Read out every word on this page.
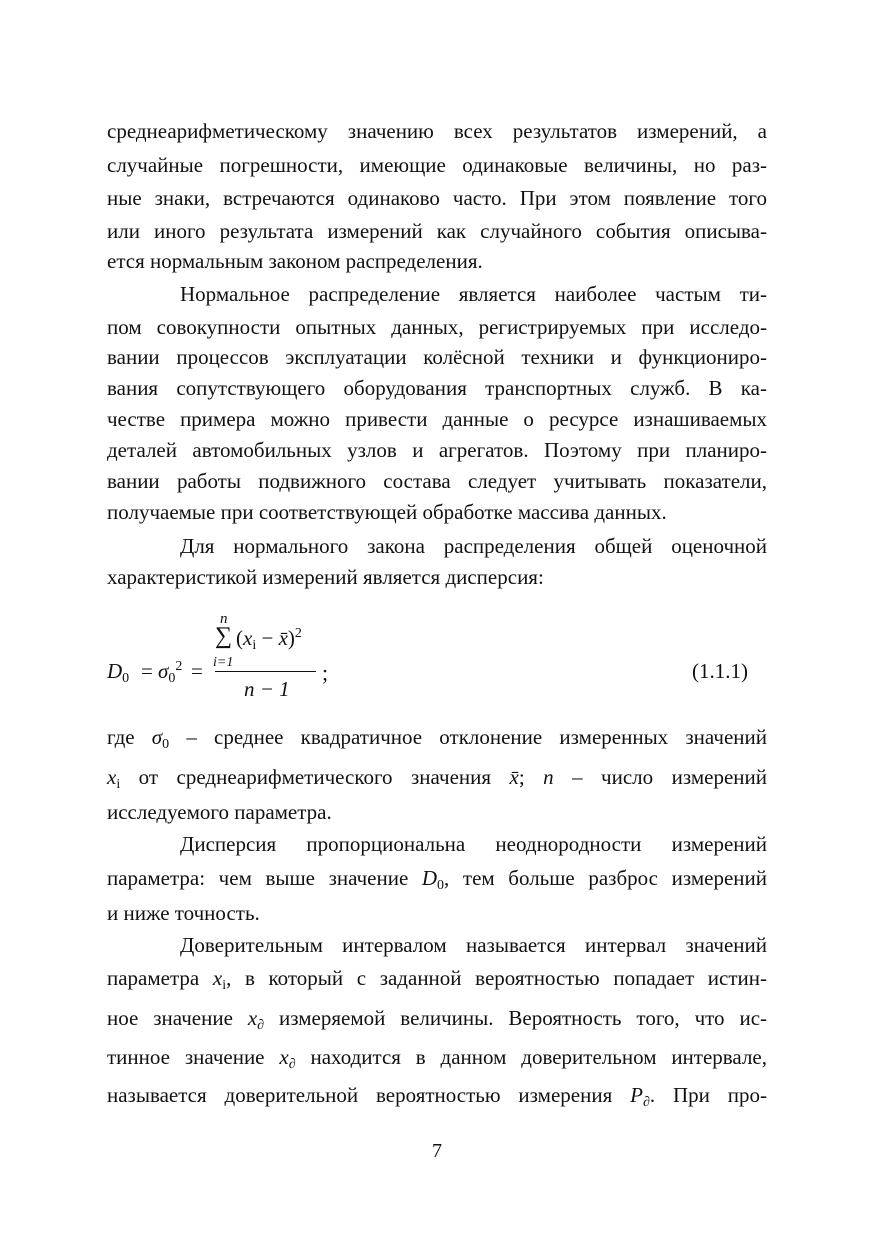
среднеарифметическому значению всех результатов измерений, а
случайные погрешности, имеющие одинаковые величины, но раз-
ные знаки, встречаются одинаково часто. При этом появление того
или иного результата измерений как случайного события описыва-
ется нормальным законом распределения.
Нормальное распределение является наиболее частым ти-
пом совокупности опытных данных, регистрируемых при исследо-
вании процессов эксплуатации колёсной техники и функциониро-
вания сопутствующего оборудования транспортных служб. В ка-
честве примера можно привести данные о ресурсе изнашиваемых
деталей автомобильных узлов и агрегатов. Поэтому при планиро-
вании работы подвижного состава следует учитывать показатели,
получаемые при соответствующей обработке массива данных.
Для нормального закона распределения общей оценочной
характеристикой измерений является дисперсия:
$D_0 = \sigma_0^2$ =
n
∑
i=1
($x_i$ − x̄)$^2$
n − 1
;	(1.1.1)
где $\sigma_0$ – среднее квадратичное отклонение измеренных значений
$x_i$ от среднеарифметического значения x̄; n – число измерений
исследуемого параметра.
Дисперсия пропорциональна неоднородности измерений
параметра: чем выше значение $D_0$, тем больше разброс измерений
и ниже точность.
Доверительным интервалом называется интервал значений
параметра $x_i$, в который с заданной вероятностью попадает истин-
ное значение $x_\partial$ измеряемой величины. Вероятность того, что ис-
тинное значение $x_\partial$ находится в данном доверительном интервале,
называется доверительной вероятностью измерения $P_\partial$. При про-
7
